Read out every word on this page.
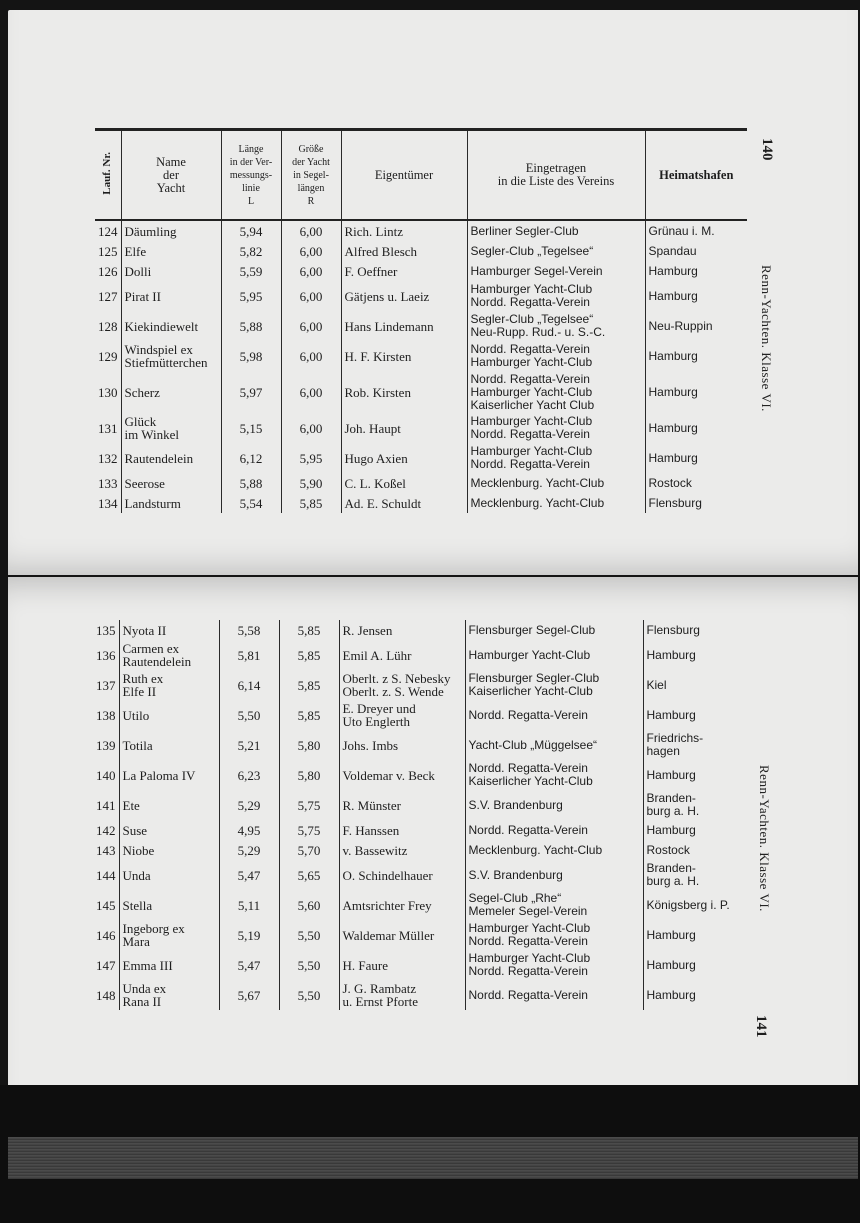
Lauf. Nr.	Name
der
Yacht	Länge
in der Ver-
messungs-
linie
L	Größe
der Yacht
in Segel-
längen
R	Eigentümer	Eingetragen
in die Liste des Vereins	Heimatshafen
124	Däumling	5,94	6,00	Rich. Lintz	Berliner Segler-Club	Grünau i. M.
125	Elfe	5,82	6,00	Alfred Blesch	Segler-Club „Tegelsee“	Spandau
126	Dolli	5,59	6,00	F. Oeffner	Hamburger Segel-Verein	Hamburg
127	Pirat II	5,95	6,00	Gätjens u. Laeiz	Hamburger Yacht-Club
Nordd. Regatta-Verein	Hamburg
128	Kiekindiewelt	5,88	6,00	Hans Lindemann	Segler-Club „Tegelsee“
Neu-Rupp. Rud.- u. S.-C.	Neu-Ruppin
129	Windspiel ex
Stiefmütterchen	5,98	6,00	H. F. Kirsten	Nordd. Regatta-Verein
Hamburger Yacht-Club	Hamburg
130	Scherz	5,97	6,00	Rob. Kirsten	Nordd. Regatta-Verein
Hamburger Yacht-Club
Kaiserlicher Yacht Club	Hamburg
131	Glück
im Winkel	5,15	6,00	Joh. Haupt	Hamburger Yacht-Club
Nordd. Regatta-Verein	Hamburg
132	Rautendelein	6,12	5,95	Hugo Axien	Hamburger Yacht-Club
Nordd. Regatta-Verein	Hamburg
133	Seerose	5,88	5,90	C. L. Koßel	Mecklenburg. Yacht-Club	Rostock
134	Landsturm	5,54	5,85	Ad. E. Schuldt	Mecklenburg. Yacht-Club	Flensburg
140
Renn-Yachten. Klasse VI.
135	Nyota II	5,58	5,85	R. Jensen	Flensburger Segel-Club	Flensburg
136	Carmen ex
Rautendelein	5,81	5,85	Emil A. Lühr	Hamburger Yacht-Club	Hamburg
137	Ruth ex
Elfe II	6,14	5,85	Oberlt. z S. Nebesky
Oberlt. z. S. Wende	Flensburger Segler-Club
Kaiserlicher Yacht-Club	Kiel
138	Utilo	5,50	5,85	E. Dreyer und
Uto Englerth	Nordd. Regatta-Verein	Hamburg
139	Totila	5,21	5,80	Johs. Imbs	Yacht-Club „Müggelsee“	Friedrichs-
hagen
140	La Paloma IV	6,23	5,80	Voldemar v. Beck	Nordd. Regatta-Verein
Kaiserlicher Yacht-Club	Hamburg
141	Ete	5,29	5,75	R. Münster	S.V. Brandenburg	Branden-
burg a. H.
142	Suse	4,95	5,75	F. Hanssen	Nordd. Regatta-Verein	Hamburg
143	Niobe	5,29	5,70	v. Bassewitz	Mecklenburg. Yacht-Club	Rostock
144	Unda	5,47	5,65	O. Schindelhauer	S.V. Brandenburg	Branden-
burg a. H.
145	Stella	5,11	5,60	Amtsrichter Frey	Segel-Club „Rhe“
Memeler Segel-Verein	Königsberg i. P.
146	Ingeborg ex
Mara	5,19	5,50	Waldemar Müller	Hamburger Yacht-Club
Nordd. Regatta-Verein	Hamburg
147	Emma III	5,47	5,50	H. Faure	Hamburger Yacht-Club
Nordd. Regatta-Verein	Hamburg
148	Unda ex
Rana II	5,67	5,50	J. G. Rambatz
u. Ernst Pforte	Nordd. Regatta-Verein	Hamburg
141
Renn-Yachten. Klasse VI.
